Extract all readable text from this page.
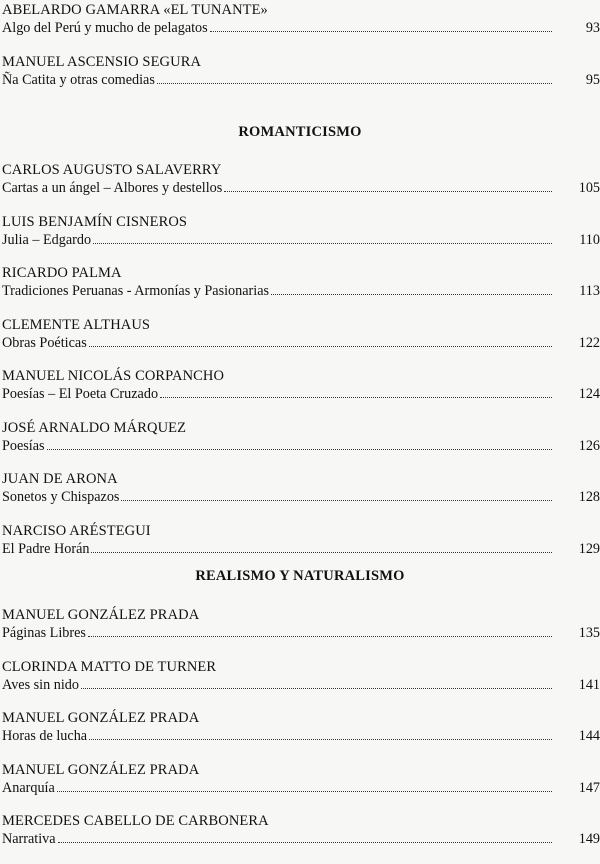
ABELARDO GAMARRA «EL TUNANTE»
Algo del Perú y mucho de pelagatos	93
MANUEL ASCENSIO SEGURA
Ña Catita y otras comedias	95
ROMANTICISMO
CARLOS AUGUSTO SALAVERRY
Cartas a un ángel – Albores y destellos	105
LUIS BENJAMÍN CISNEROS
Julia – Edgardo	110
RICARDO PALMA
Tradiciones Peruanas - Armonías y Pasionarias	113
CLEMENTE ALTHAUS
Obras Poéticas	122
MANUEL NICOLÁS CORPANCHO
Poesías – El Poeta Cruzado	124
JOSÉ ARNALDO MÁRQUEZ
Poesías	126
JUAN DE ARONA
Sonetos y Chispazos	128
NARCISO ARÉSTEGUI
El Padre Horán	129
REALISMO Y NATURALISMO
MANUEL GONZÁLEZ PRADA
Páginas Libres	135
CLORINDA MATTO DE TURNER
Aves sin nido	141
MANUEL GONZÁLEZ PRADA
Horas de lucha	144
MANUEL GONZÁLEZ PRADA
Anarquía	147
MERCEDES CABELLO DE CARBONERA
Narrativa	149
